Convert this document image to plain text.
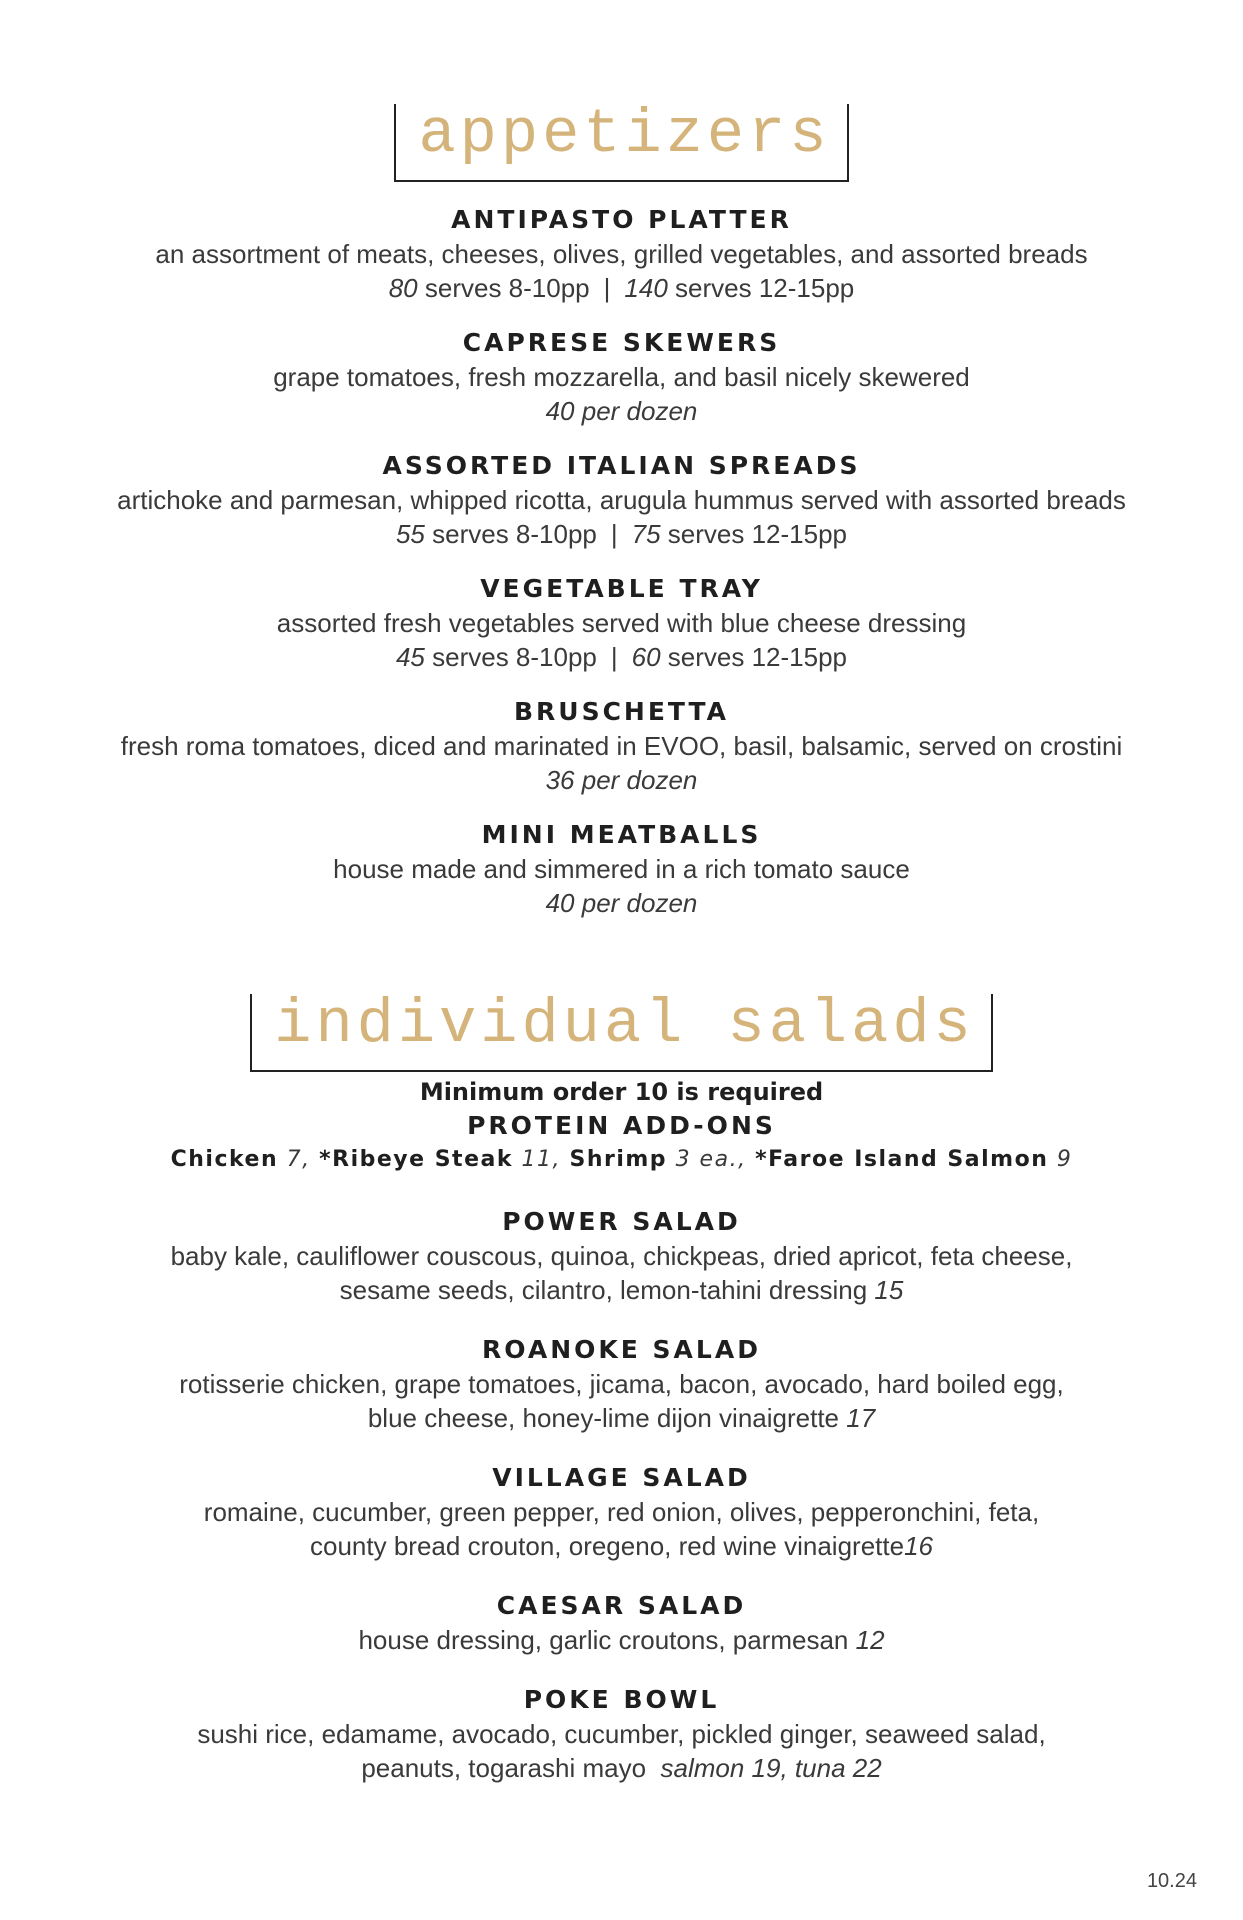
appetizers
ANTIPASTO PLATTER
an assortment of meats, cheeses, olives, grilled vegetables, and assorted breads
80 serves 8-10pp | 140 serves 12-15pp
CAPRESE SKEWERS
grape tomatoes, fresh mozzarella, and basil nicely skewered
40 per dozen
ASSORTED ITALIAN SPREADS
artichoke and parmesan, whipped ricotta, arugula hummus served with assorted breads
55 serves 8-10pp | 75 serves 12-15pp
VEGETABLE TRAY
assorted fresh vegetables served with blue cheese dressing
45 serves 8-10pp | 60 serves 12-15pp
BRUSCHETTA
fresh roma tomatoes, diced and marinated in EVOO, basil, balsamic, served on crostini
36 per dozen
MINI MEATBALLS
house made and simmered in a rich tomato sauce
40 per dozen
individual salads
Minimum order 10 is required
PROTEIN ADD-ONS
Chicken 7, *Ribeye Steak 11, Shrimp 3 ea., *Faroe Island Salmon 9
POWER SALAD
baby kale, cauliflower couscous, quinoa, chickpeas, dried apricot, feta cheese,
sesame seeds, cilantro, lemon-tahini dressing 15
ROANOKE SALAD
rotisserie chicken, grape tomatoes, jicama, bacon, avocado, hard boiled egg,
blue cheese, honey-lime dijon vinaigrette 17
VILLAGE SALAD
romaine, cucumber, green pepper, red onion, olives, pepperonchini, feta,
county bread crouton, oregeno, red wine vinaigrette16
CAESAR SALAD
house dressing, garlic croutons, parmesan 12
POKE BOWL
sushi rice, edamame, avocado, cucumber, pickled ginger, seaweed salad,
peanuts, togarashi mayo salmon 19, tuna 22
10.24
